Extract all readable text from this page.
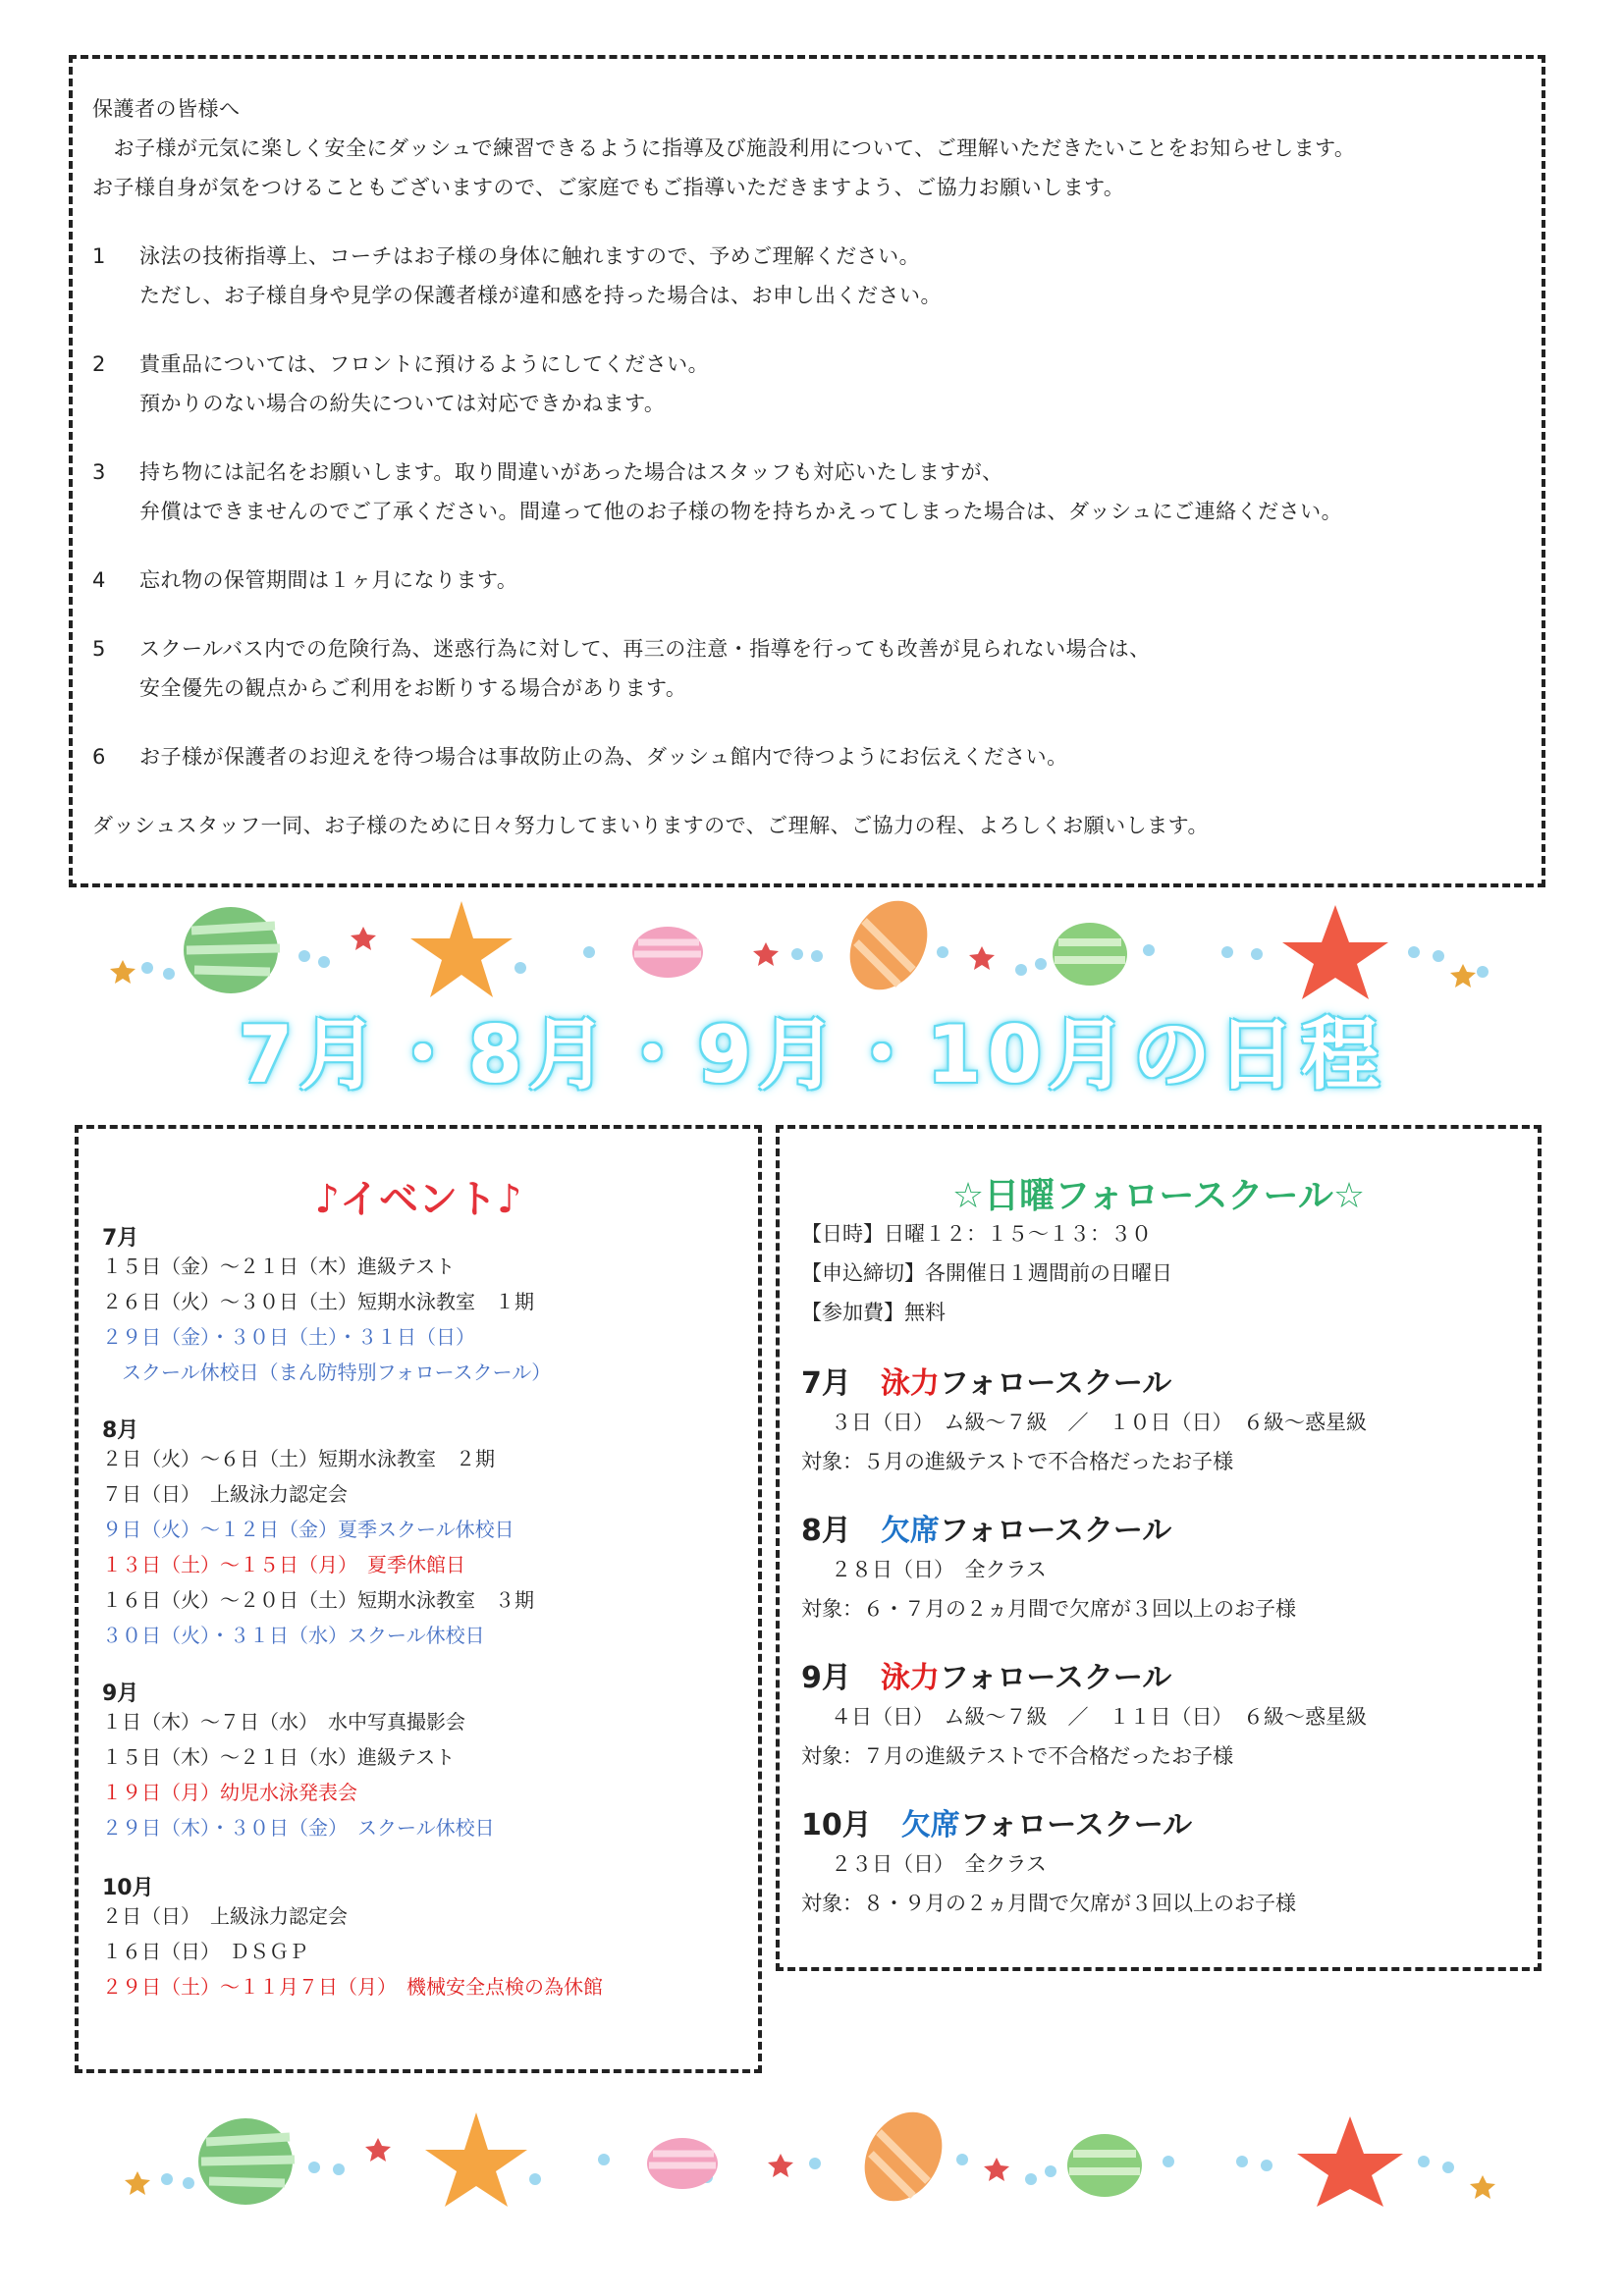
保護者の皆様へ
　お子様が元気に楽しく安全にダッシュで練習できるように指導及び施設利用について、ご理解いただきたいことをお知らせします。
お子様自身が気をつけることもございますので、ご家庭でもご指導いただきますよう、ご協力お願いします。
1 泳法の技術指導上、コーチはお子様の身体に触れますので、予めご理解ください。
ただし、お子様自身や見学の保護者様が違和感を持った場合は、お申し出ください。
2 貴重品については、フロントに預けるようにしてください。
預かりのない場合の紛失については対応できかねます。
3 持ち物には記名をお願いします。取り間違いがあった場合はスタッフも対応いたしますが、
弁償はできませんのでご了承ください。間違って他のお子様の物を持ちかえってしまった場合は、ダッシュにご連絡ください。
4 忘れ物の保管期間は１ヶ月になります。
5 スクールバス内での危険行為、迷惑行為に対して、再三の注意・指導を行っても改善が見られない場合は、
安全優先の観点からご利用をお断りする場合があります。
6 お子様が保護者のお迎えを待つ場合は事故防止の為、ダッシュ館内で待つようにお伝えください。
ダッシュスタッフ一同、お子様のために日々努力してまいりますので、ご理解、ご協力の程、よろしくお願いします。
7月・8月・9月・10月の日程
♪イベント♪
7月
１５日（金）～２１日（木）進級テスト
２６日（火）～３０日（土）短期水泳教室　１期
２９日（金）・３０日（土）・３１日（日）
　スクール休校日（まん防特別フォロースクール）
8月
２日（火）～６日（土）短期水泳教室　２期
７日（日）　上級泳力認定会
９日（火）～１２日（金）夏季スクール休校日
１３日（土）～１５日（月）　夏季休館日
１６日（火）～２０日（土）短期水泳教室　３期
３０日（火）・３１日（水）スクール休校日
9月
１日（木）～７日（水）　水中写真撮影会
１５日（木）～２１日（水）進級テスト
１９日（月）幼児水泳発表会
２９日（木）・３０日（金）　スクール休校日
10月
２日（日）　上級泳力認定会
１６日（日）　ＤＳＧＰ
２９日（土）～１１月７日（月）　機械安全点検の為休館
☆日曜フォロースクール☆
【日時】日曜１２：１５～１３：３０
【申込締切】各開催日１週間前の日曜日
【参加費】無料
7月　 泳力フォロースクール
３日（日）　ム級～７級　／　１０日（日）　６級～惑星級
対象：５月の進級テストで不合格だったお子様
8月　 欠席フォロースクール
２８日（日）　全クラス
対象：６・７月の２ヵ月間で欠席が３回以上のお子様
9月　 泳力フォロースクール
４日（日）　ム級～７級　／　１１日（日）　６級～惑星級
対象：７月の進級テストで不合格だったお子様
10月　 欠席フォロースクール
２３日（日）　全クラス
対象：８・９月の２ヵ月間で欠席が３回以上のお子様
